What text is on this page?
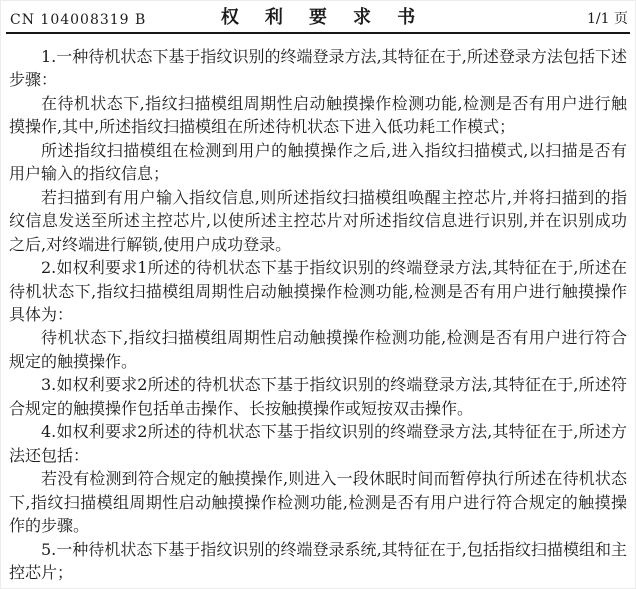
CN 104008319 B	权 利 要 求 书	1/1 页

1.一种待机状态下基于指纹识别的终端登录方法,其特征在于,所述登录方法包括下述步骤：

在待机状态下,指纹扫描模组周期性启动触摸操作检测功能,检测是否有用户进行触摸操作,其中,所述指纹扫描模组在所述待机状态下进入低功耗工作模式；

所述指纹扫描模组在检测到用户的触摸操作之后,进入指纹扫描模式,以扫描是否有用户输入的指纹信息；

若扫描到有用户输入指纹信息,则所述指纹扫描模组唤醒主控芯片,并将扫描到的指纹信息发送至所述主控芯片,以使所述主控芯片对所述指纹信息进行识别,并在识别成功之后,对终端进行解锁,使用户成功登录。

2.如权利要求1所述的待机状态下基于指纹识别的终端登录方法,其特征在于,所述在待机状态下,指纹扫描模组周期性启动触摸操作检测功能,检测是否有用户进行触摸操作具体为：

待机状态下,指纹扫描模组周期性启动触摸操作检测功能,检测是否有用户进行符合规定的触摸操作。

3.如权利要求2所述的待机状态下基于指纹识别的终端登录方法,其特征在于,所述符合规定的触摸操作包括单击操作、长按触摸操作或短按双击操作。

4.如权利要求2所述的待机状态下基于指纹识别的终端登录方法,其特征在于,所述方法还包括：

若没有检测到符合规定的触摸操作,则进入一段休眠时间而暂停执行所述在待机状态下,指纹扫描模组周期性启动触摸操作检测功能,检测是否有用户进行符合规定的触摸操作的步骤。

5.一种待机状态下基于指纹识别的终端登录系统,其特征在于,包括指纹扫描模组和主控芯片；
